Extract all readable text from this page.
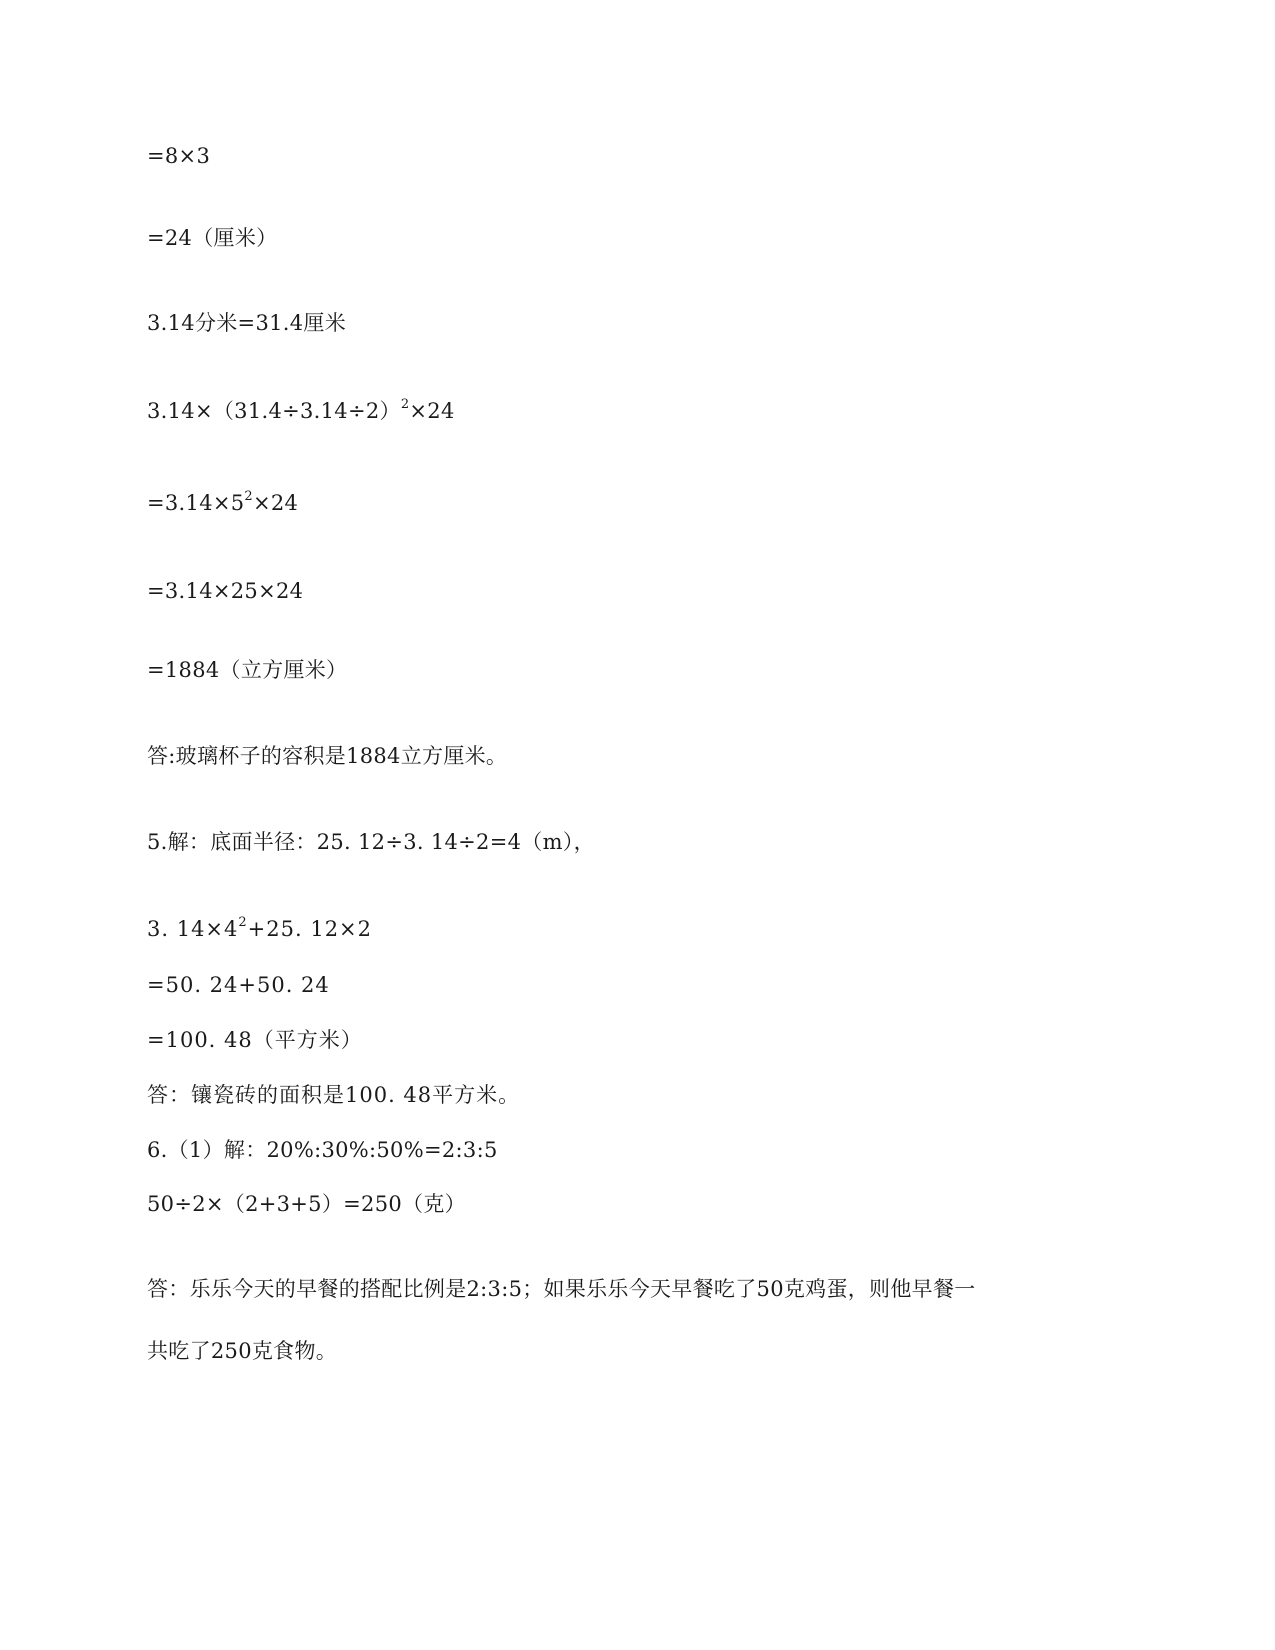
=8×3
=24（厘米）
3.14分米=31.4厘米
$3.14\times(31.4\div 3.14\div 2)^2\times 24$
$=3.14\times 5^2\times 24$
=3.14×25×24
=1884（立方厘米）
答:玻璃杯子的容积是1884立方厘米。
5.解：底面半径：25. 12÷3. 14÷2=4（m），
3. $14\times 4^2+25$. 12×2
=50. 24+50. 24
=100. 48（平方米）
答：镶瓷砖的面积是100. 48平方米。
6.（1）解：20%:30%:50%=2:3:5
50÷2×（2+3+5）=250（克）
答：乐乐今天的早餐的搭配比例是2:3:5；如果乐乐今天早餐吃了50克鸡蛋，则他早餐一
共吃了250克食物。
